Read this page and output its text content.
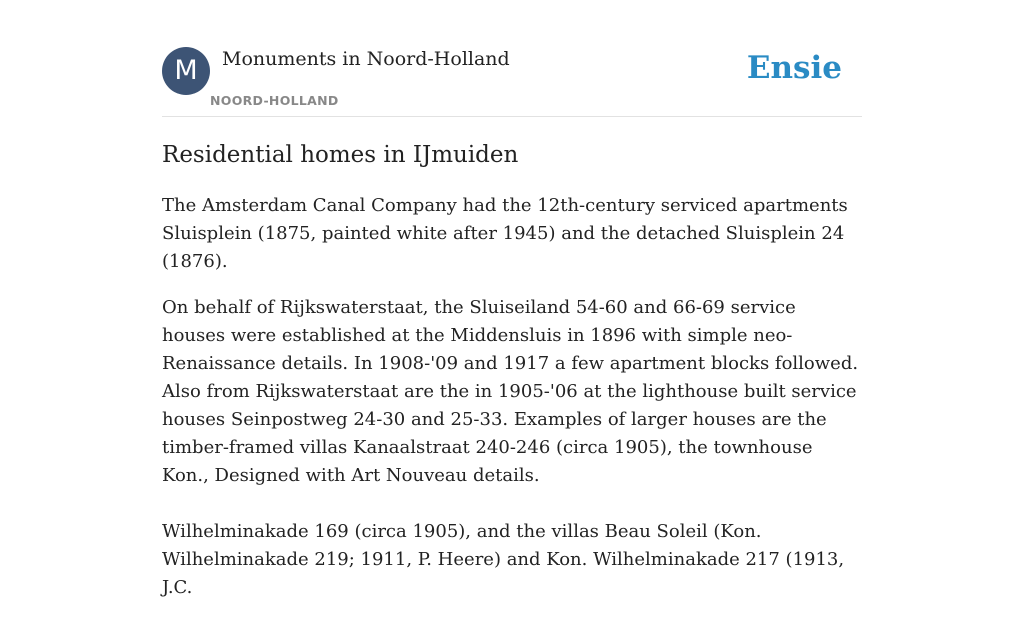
M	Monuments in Noord-Holland
NOORD-HOLLAND
Ensie
Residential homes in IJmuiden

The Amsterdam Canal Company had the 12th-century serviced apartments Sluisplein (1875, painted white after 1945) and the detached Sluisplein 24 (1876).

On behalf of Rijkswaterstaat, the Sluiseiland 54-60 and 66-69 service houses were established at the Middensluis in 1896 with simple neo-Renaissance details. In 1908-'09 and 1917 a few apartment blocks followed. Also from Rijkswaterstaat are the in 1905-'06 at the lighthouse built service houses Seinpostweg 24-30 and 25-33. Examples of larger houses are the timber-framed villas Kanaalstraat 240-246 (circa 1905), the townhouse Kon., Designed with Art Nouveau details.

Wilhelminakade 169 (circa 1905), and the villas Beau Soleil (Kon. Wilhelminakade 219; 1911, P. Heere) and Kon. Wilhelminakade 217 (1913, J.C.
